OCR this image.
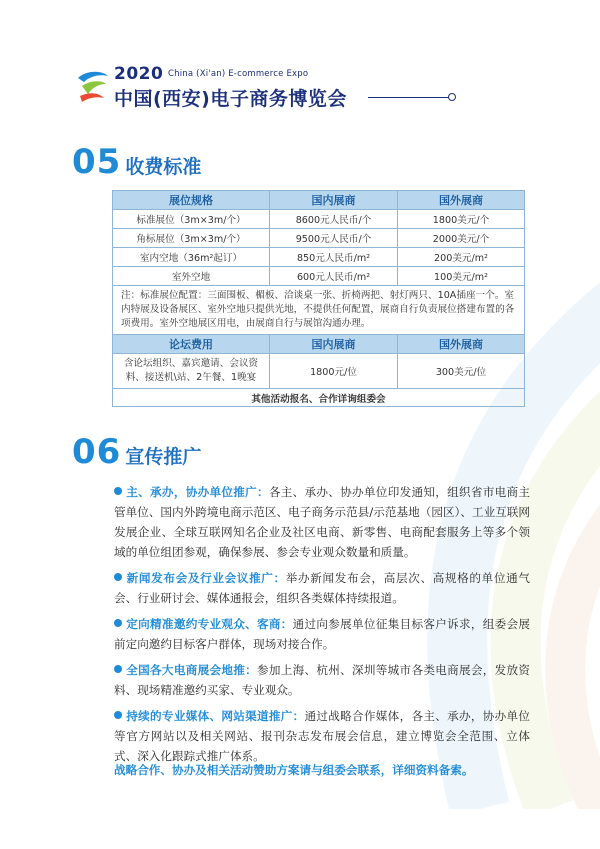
2020 China (Xi'an) E-commerce Expo
中国(西安)电子商务博览会
05 收费标准
展位规格	国内展商	国外展商
标准展位（3m×3m/个）	8600元人民币/个	1800美元/个
角标展位（3m×3m/个）	9500元人民币/个	2000美元/个
室内空地（36m²起订）	850元人民币/m²	200美元/m²
室外空地	600元人民币/m²	100美元/m²
注：标准展位配置：三面围板、楣板、洽谈桌一张、折椅两把、射灯两只、10A插座一个。室内特展及设备展区、室外空地只提供光地，不提供任何配置，展商自行负责展位搭建布置的各项费用。室外空地展区用电，由展商自行与展馆沟通办理。		
论坛费用	国内展商	国外展商
含论坛组织、嘉宾邀请、会议资料、接送机\站、2午餐、1晚宴	1800元/位	300美元/位
其他活动报名、合作详询组委会		
06 宣传推广

主、承办，协办单位推广：各主、承办、协办单位印发通知，组织省市电商主管单位、国内外跨境电商示范区、电子商务示范县/示范基地（园区）、工业互联网发展企业、全球互联网知名企业及社区电商、新零售、电商配套服务上等多个领域的单位组团参观，确保参展、参会专业观众数量和质量。

新闻发布会及行业会议推广：举办新闻发布会，高层次、高规格的单位通气会、行业研讨会、媒体通报会，组织各类媒体持续报道。

定向精准邀约专业观众、客商：通过向参展单位征集目标客户诉求，组委会展前定向邀约目标客户群体，现场对接合作。

全国各大电商展会地推：参加上海、杭州、深圳等城市各类电商展会，发放资料、现场精准邀约买家、专业观众。

持续的专业媒体、网站渠道推广：通过战略合作媒体，各主、承办，协办单位等官方网站以及相关网站、报刊杂志发布展会信息，建立博览会全范围、立体式、深入化跟踪式推广体系。

战略合作、协办及相关活动赞助方案请与组委会联系，详细资料备索。
